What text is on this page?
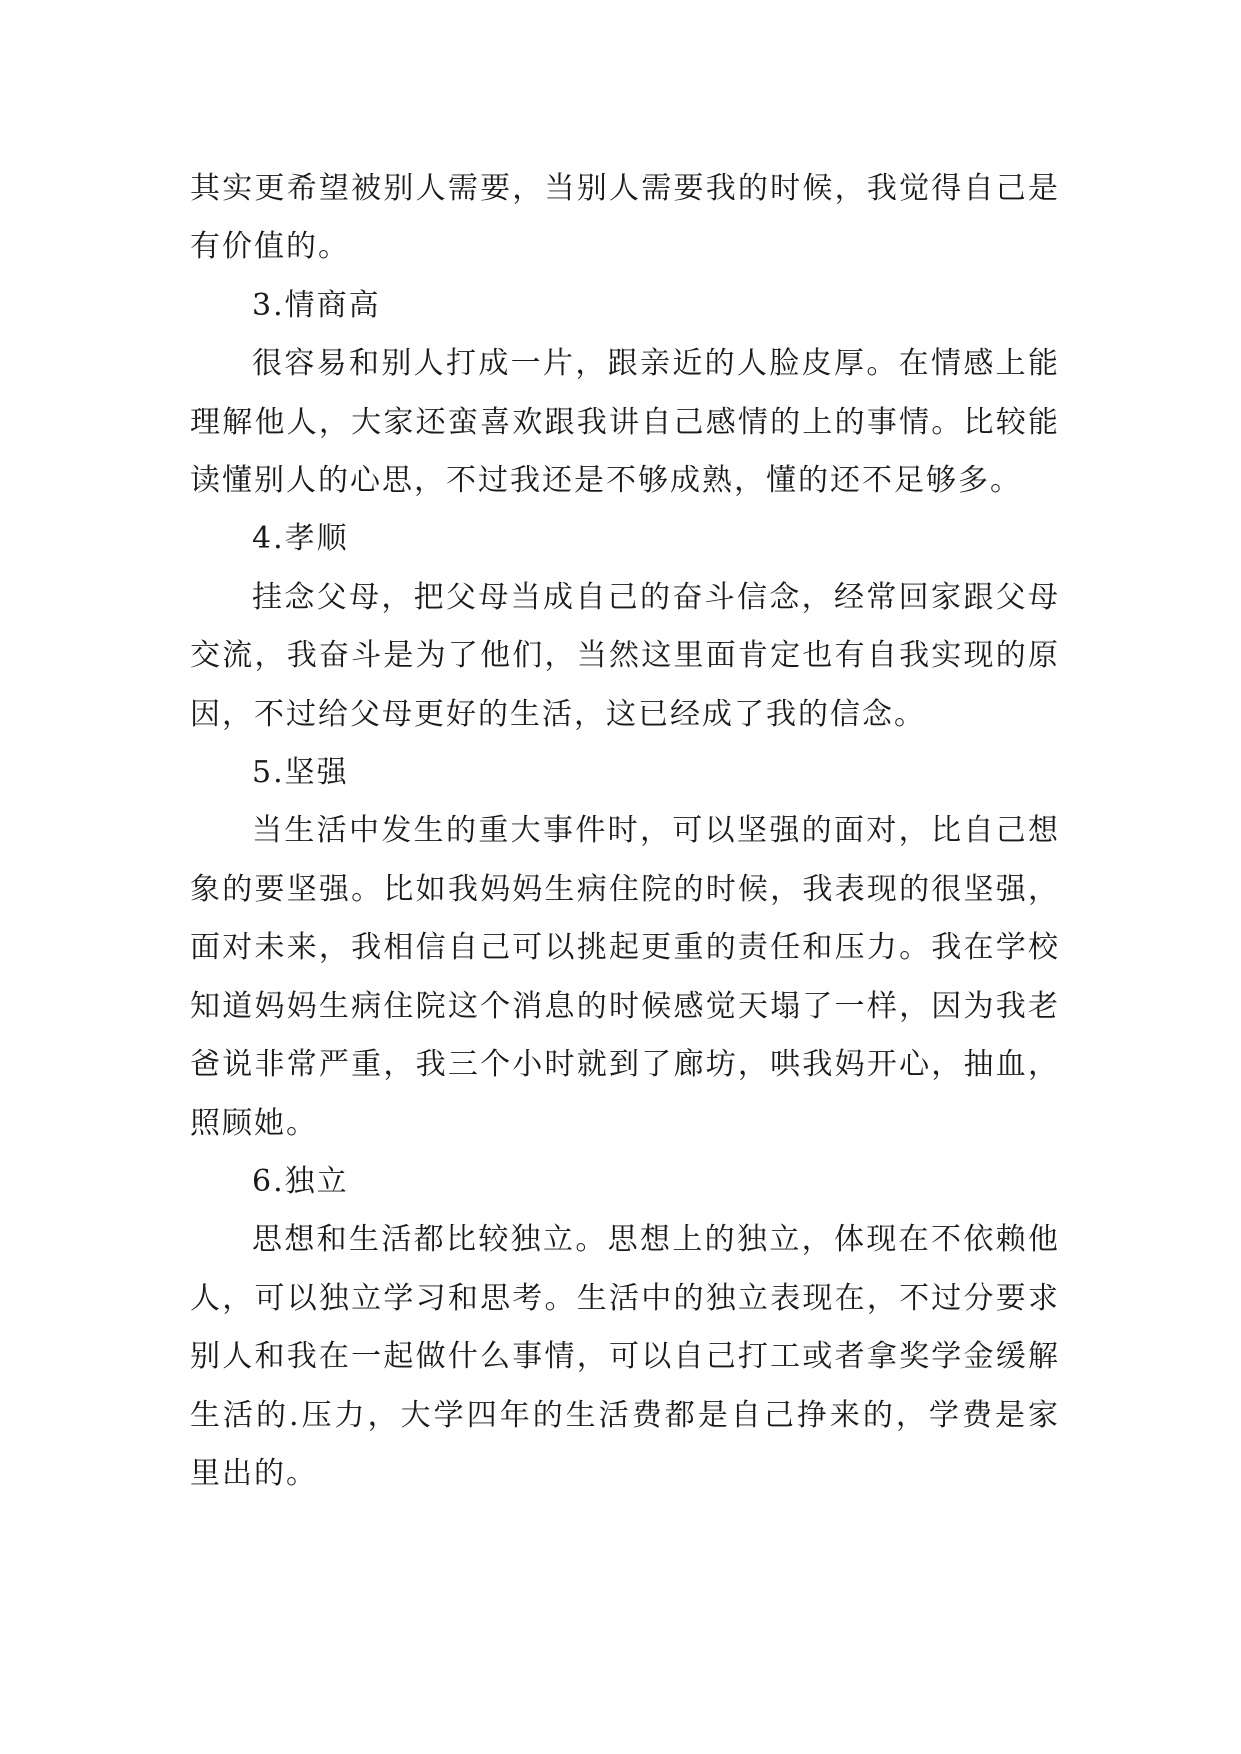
其实更希望被别人需要，当别人需要我的时候，我觉得自己是有价值的。

3.情商高

很容易和别人打成一片，跟亲近的人脸皮厚。在情感上能理解他人，大家还蛮喜欢跟我讲自己感情的上的事情。比较能读懂别人的心思，不过我还是不够成熟，懂的还不足够多。

4.孝顺

挂念父母，把父母当成自己的奋斗信念，经常回家跟父母交流，我奋斗是为了他们，当然这里面肯定也有自我实现的原因，不过给父母更好的生活，这已经成了我的信念。

5.坚强

当生活中发生的重大事件时，可以坚强的面对，比自己想象的要坚强。比如我妈妈生病住院的时候，我表现的很坚强，面对未来，我相信自己可以挑起更重的责任和压力。我在学校知道妈妈生病住院这个消息的时候感觉天塌了一样，因为我老爸说非常严重，我三个小时就到了廊坊，哄我妈开心，抽血，照顾她。

6.独立

思想和生活都比较独立。思想上的独立，体现在不依赖他人，可以独立学习和思考。生活中的独立表现在，不过分要求别人和我在一起做什么事情，可以自己打工或者拿奖学金缓解生活的.压力，大学四年的生活费都是自己挣来的，学费是家里出的。
